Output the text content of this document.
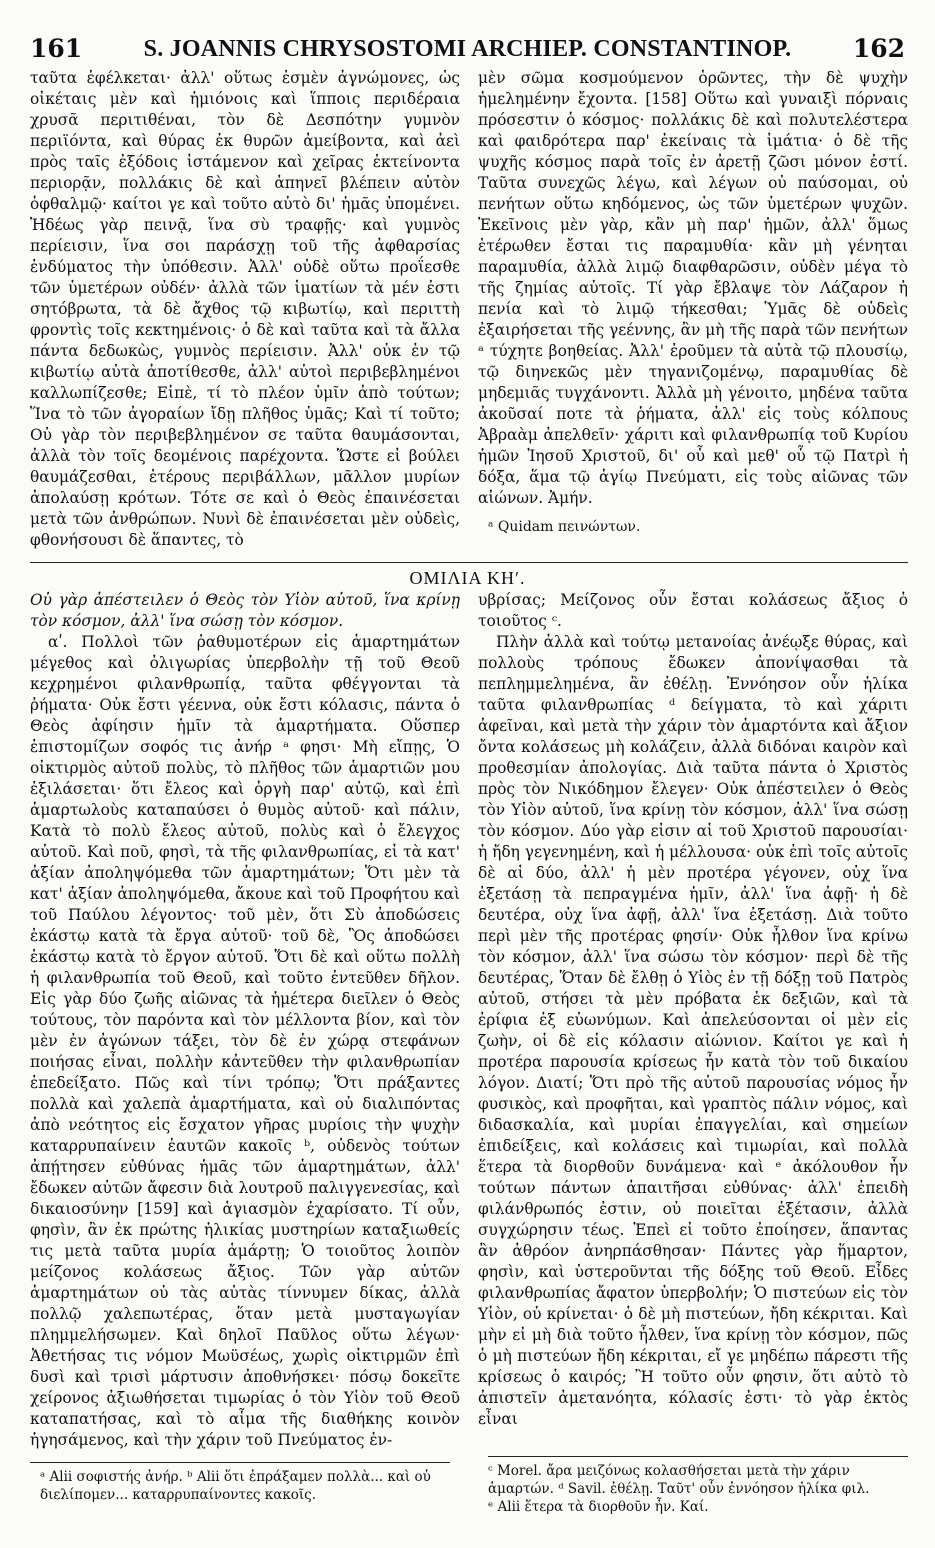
161	S. JOANNIS CHRYSOSTOMI ARCHIEP. CONSTANTINOP.	162

ταῦτα ἐφέλκεται· ἀλλ' οὕτως ἐσμὲν ἀγνώμονες, ὡς οἰκέταις μὲν καὶ ἡμιόνοις καὶ ἵπποις περιδέραια χρυσᾶ περιτιθέναι, τὸν δὲ Δεσπότην γυμνὸν περιϊόντα, καὶ θύρας ἐκ θυρῶν ἀμείβοντα, καὶ ἀεὶ πρὸς ταῖς ἐξόδοις ἱστάμενον καὶ χεῖρας ἐκτείνοντα περιορᾷν, πολλάκις δὲ καὶ ἀπηνεῖ βλέπειν αὐτὸν ὀφθαλμῷ· καίτοι γε καὶ τοῦτο αὐτὸ δι' ἡμᾶς ὑπομένει. Ἡδέως γὰρ πεινᾷ, ἵνα σὺ τραφῇς· καὶ γυμνὸς περίεισιν, ἵνα σοι παράσχῃ τοῦ τῆς ἀφθαρσίας ἐνδύματος τὴν ὑπόθεσιν. Ἀλλ' οὐδὲ οὕτω προΐεσθε τῶν ὑμετέρων οὐδέν· ἀλλὰ τῶν ἱματίων τὰ μέν ἐστι σητόβρωτα, τὰ δὲ ἄχθος τῷ κιβωτίῳ, καὶ περιττὴ φροντὶς τοῖς κεκτημένοις· ὁ δὲ καὶ ταῦτα καὶ τὰ ἄλλα πάντα δεδωκὼς, γυμνὸς περίεισιν. Ἀλλ' οὐκ ἐν τῷ κιβωτίῳ αὐτὰ ἀποτίθεσθε, ἀλλ' αὐτοὶ περιβεβλημένοι καλλωπίζεσθε; Εἰπὲ, τί τὸ πλέον ὑμῖν ἀπὸ τούτων; Ἵνα τὸ τῶν ἀγοραίων ἴδῃ πλῆθος ὑμᾶς; Καὶ τί τοῦτο; Οὐ γὰρ τὸν περιβεβλημένον σε ταῦτα θαυμάσονται, ἀλλὰ τὸν τοῖς δεομένοις παρέχοντα. Ὥστε εἰ βούλει θαυμάζεσθαι, ἑτέρους περιβάλλων, μᾶλλον μυρίων ἀπολαύσῃ κρότων. Τότε σε καὶ ὁ Θεὸς ἐπαινέσεται μετὰ τῶν ἀνθρώπων. Νυνὶ δὲ ἐπαινέσεται μὲν οὐδεὶς, φθονήσουσι δὲ ἅπαντες, τὸ

μὲν σῶμα κοσμούμενον ὁρῶντες, τὴν δὲ ψυχὴν ἠμελημένην ἔχοντα. [158] Οὕτω καὶ γυναιξὶ πόρναις πρόσεστιν ὁ κόσμος· πολλάκις δὲ καὶ πολυτελέστερα καὶ φαιδρότερα παρ' ἐκείναις τὰ ἱμάτια· ὁ δὲ τῆς ψυχῆς κόσμος παρὰ τοῖς ἐν ἀρετῇ ζῶσι μόνον ἐστί. Ταῦτα συνεχῶς λέγω, καὶ λέγων οὐ παύσομαι, οὐ πενήτων οὕτω κηδόμενος, ὡς τῶν ὑμετέρων ψυχῶν. Ἐκεῖνοις μὲν γὰρ, κἂν μὴ παρ' ἡμῶν, ἀλλ' ὅμως ἑτέρωθεν ἔσται τις παραμυθία· κἂν μὴ γένηται παραμυθία, ἀλλὰ λιμῷ διαφθαρῶσιν, οὐδὲν μέγα τὸ τῆς ζημίας αὐτοῖς. Τί γὰρ ἔβλαψε τὸν Λάζαρον ἡ πενία καὶ τὸ λιμῷ τήκεσθαι; Ὑμᾶς δὲ οὐδεὶς ἐξαιρήσεται τῆς γεέννης, ἂν μὴ τῆς παρὰ τῶν πενήτων ᵃ τύχητε βοηθείας. Ἀλλ' ἐρoῦμεν τὰ αὐτὰ τῷ πλουσίῳ, τῷ διηνεκῶς μὲν τηγανιζομένῳ, παραμυθίας δὲ μηδεμιᾶς τυγχάνοντι. Ἀλλὰ μὴ γένοιτο, μηδένα ταῦτα ἀκοῦσαί ποτε τὰ ῥήματα, ἀλλ' εἰς τοὺς κόλπους Ἀβραὰμ ἀπελθεῖν· χάριτι καὶ φιλανθρωπίᾳ τοῦ Κυρίου ἡμῶν Ἰησοῦ Χριστοῦ, δι' οὗ καὶ μεθ' οὗ τῷ Πατρὶ ἡ δόξα, ἅμα τῷ ἁγίῳ Πνεύματι, εἰς τοὺς αἰῶνας τῶν αἰώνων. Ἀμήν.

ᵃ Quidam πεινώντων.
ΟΜΙΛΙΑ ΚΗʹ.

Οὐ γὰρ ἀπέστειλεν ὁ Θεὸς τὸν Υἱὸν αὐτοῦ, ἵνα κρίνῃ τὸν κόσμον, ἀλλ' ἵνα σώσῃ τὸν κόσμον.

αʹ. Πολλοὶ τῶν ῥαθυμοτέρων εἰς ἁμαρτημάτων μέγεθος καὶ ὀλιγωρίας ὑπερβολὴν τῇ τοῦ Θεοῦ κεχρημένοι φιλανθρωπίᾳ, ταῦτα φθέγγονται τὰ ῥήματα· Οὐκ ἔστι γέεννα, οὐκ ἔστι κόλασις, πάντα ὁ Θεὸς ἀφίησιν ἡμῖν τὰ ἁμαρτήματα. Οὕσπερ ἐπιστομίζων σοφός τις ἀνήρ ᵃ φησι· Μὴ εἴπῃς, Ὁ οἰκτιρμὸς αὐτοῦ πολὺς, τὸ πλῆθος τῶν ἁμαρτιῶν μου ἐξιλάσεται· ὅτι ἔλεος καὶ ὀργὴ παρ' αὐτῷ, καὶ ἐπὶ ἁμαρτωλοὺς καταπαύσει ὁ θυμὸς αὐτοῦ· καὶ πάλιν, Κατὰ τὸ πολὺ ἔλεος αὐτοῦ, πολὺς καὶ ὁ ἔλεγχος αὐτοῦ. Καὶ ποῦ, φησὶ, τὰ τῆς φιλανθρωπίας, εἰ τὰ κατ' ἀξίαν ἀποληψόμεθα τῶν ἁμαρτημάτων; Ὅτι μὲν τὰ κατ' ἀξίαν ἀποληψόμεθα, ἄκουε καὶ τοῦ Προφήτου καὶ τοῦ Παύλου λέγοντος· τοῦ μὲν, ὅτι Σὺ ἀποδώσεις ἑκάστῳ κατὰ τὰ ἔργα αὐτοῦ· τοῦ δὲ, Ὃς ἀποδώσει ἑκάστῳ κατὰ τὸ ἔργον αὐτοῦ. Ὅτι δὲ καὶ οὕτω πολλὴ ἡ φιλανθρωπία τοῦ Θεοῦ, καὶ τοῦτο ἐντεῦθεν δῆλον. Εἰς γὰρ δύο ζωῆς αἰῶνας τὰ ἡμέτερα διεῖλεν ὁ Θεὸς τούτους, τὸν παρόντα καὶ τὸν μέλλοντα βίον, καὶ τὸν μὲν ἐν ἀγώνων τάξει, τὸν δὲ ἐν χώρᾳ στεφάνων ποιήσας εἶναι, πολλὴν κἀντεῦθεν τὴν φιλανθρωπίαν ἐπεδείξατο. Πῶς καὶ τίνι τρόπῳ; Ὅτι πράξαντες πολλὰ καὶ χαλεπὰ ἁμαρτήματα, καὶ οὐ διαλιπόντας ἀπὸ νεότητος εἰς ἔσχατον γῆρας μυρίοις τὴν ψυχὴν καταρρυπαίνειν ἑαυτῶν κακοῖς ᵇ, οὐδενὸς τούτων ἀπῄτησεν εὐθύνας ἡμᾶς τῶν ἁμαρτημάτων, ἀλλ' ἔδωκεν αὐτῶν ἄφεσιν διὰ λουτροῦ παλιγγενεσίας, καὶ δικαιοσύνην [159] καὶ ἁγιασμὸν ἐχαρίσατο. Τί οὖν, φησὶν, ἂν ἐκ πρώτης ἡλικίας μυστηρίων καταξιωθείς τις μετὰ ταῦτα μυρία ἁμάρτῃ; Ὁ τοιοῦτος λοιπὸν μείζονος κολάσεως ἄξιος. Τῶν γὰρ αὐτῶν ἁμαρτημάτων οὐ τὰς αὐτὰς τίννυμεν δίκας, ἀλλὰ πολλῷ χαλεπωτέρας, ὅταν μετὰ μυσταγωγίαν πλημμελήσωμεν. Καὶ δηλοῖ Παῦλος οὕτω λέγων· Ἀθετήσας τις νόμον Μωϋσέως, χωρὶς οἰκτιρμῶν ἐπὶ δυσὶ καὶ τρισὶ μάρτυσιν ἀποθνήσκει· πόσῳ δοκεῖτε χείρονος ἀξιωθήσεται τιμωρίας ὁ τὸν Υἱὸν τοῦ Θεοῦ καταπατήσας, καὶ τὸ αἷμα τῆς διαθήκης κοινὸν ἡγησάμενος, καὶ τὴν χάριν τοῦ Πνεύματος ἐν-

υβρίσας; Μείζονος οὖν ἔσται κολάσεως ἄξιος ὁ τοιοῦτος ᶜ.

Πλὴν ἀλλὰ καὶ τούτῳ μετανοίας ἀνέῳξε θύρας, καὶ πολλοὺς τρόπους ἔδωκεν ἀπονίψασθαι τὰ πεπλημμελημένα, ἂν ἐθέλῃ. Ἐννόησον οὖν ἡλίκα ταῦτα φιλανθρωπίας ᵈ δείγματα, τὸ καὶ χάριτι ἀφεῖναι, καὶ μετὰ τὴν χάριν τὸν ἁμαρτόντα καὶ ἄξιον ὄντα κολάσεως μὴ κολάζειν, ἀλλὰ διδόναι καιρὸν καὶ προθεσμίαν ἀπολογίας. Διὰ ταῦτα πάντα ὁ Χριστὸς πρὸς τὸν Νικόδημον ἔλεγεν· Οὐκ ἀπέστειλεν ὁ Θεὸς τὸν Υἱὸν αὐτοῦ, ἵνα κρίνῃ τὸν κόσμον, ἀλλ' ἵνα σώσῃ τὸν κόσμον. Δύο γὰρ εἰσιν αἱ τοῦ Χριστοῦ παρουσίαι· ἡ ἤδη γεγενημένη, καὶ ἡ μέλλουσα· οὐκ ἐπὶ τοῖς αὐτοῖς δὲ αἱ δύο, ἀλλ' ἡ μὲν προτέρα γέγονεν, οὐχ ἵνα ἐξετάσῃ τὰ πεπραγμένα ἡμῖν, ἀλλ' ἵνα ἀφῇ· ἡ δὲ δευτέρα, οὐχ ἵνα ἀφῇ, ἀλλ' ἵνα ἐξετάσῃ. Διὰ τοῦτο περὶ μὲν τῆς προτέρας φησίν· Οὐκ ἦλθον ἵνα κρίνω τὸν κόσμον, ἀλλ' ἵνα σώσω τὸν κόσμον· περὶ δὲ τῆς δευτέρας, Ὅταν δὲ ἔλθῃ ὁ Υἱὸς ἐν τῇ δόξῃ τοῦ Πατρὸς αὐτοῦ, στήσει τὰ μὲν πρόβατα ἐκ δεξιῶν, καὶ τὰ ἐρίφια ἐξ εὐωνύμων. Καὶ ἀπελεύσονται οἱ μὲν εἰς ζωὴν, οἱ δὲ εἰς κόλασιν αἰώνιον. Καίτοι γε καὶ ἡ προτέρα παρουσία κρίσεως ἦν κατὰ τὸν τοῦ δικαίου λόγον. Διατί; Ὅτι πρὸ τῆς αὐτοῦ παρουσίας νόμος ἦν φυσικὸς, καὶ προφῆται, καὶ γραπτὸς πάλιν νόμος, καὶ διδασκαλία, καὶ μυρίαι ἐπαγγελίαι, καὶ σημείων ἐπιδείξεις, καὶ κολάσεις καὶ τιμωρίαι, καὶ πολλὰ ἕτερα τὰ διορθοῦν δυνάμενα· καὶ ᵉ ἀκόλουθον ἦν τούτων πάντων ἀπαιτῆσαι εὐθύνας· ἀλλ' ἐπειδὴ φιλάνθρωπός ἐστιν, οὐ ποιεῖται ἐξέτασιν, ἀλλὰ συγχώρησιν τέως. Ἐπεὶ εἰ τοῦτο ἐποίησεν, ἅπαντας ἂν ἀθρόον ἀνηρπάσθησαν· Πάντες γὰρ ἥμαρτον, φησὶν, καὶ ὑστεροῦνται τῆς δόξης τοῦ Θεοῦ. Εἶδες φιλανθρωπίας ἄφατον ὑπερβολήν; Ὁ πιστεύων εἰς τὸν Υἱὸν, οὐ κρίνεται· ὁ δὲ μὴ πιστεύων, ἤδη κέκριται. Καὶ μὴν εἰ μὴ διὰ τοῦτο ἦλθεν, ἵνα κρίνῃ τὸν κόσμον, πῶς ὁ μὴ πιστεύων ἤδη κέκριται, εἴ γε μηδέπω πάρεστι τῆς κρίσεως ὁ καιρός; Ἢ τοῦτο οὖν φησιν, ὅτι αὐτὸ τὸ ἀπιστεῖν ἀμετανόητα, κόλασίς ἐστι· τὸ γὰρ ἐκτὸς εἶναι

ᵃ Alii σοφιστής ἀνήρ. ᵇ Alii ὅτι ἐπράξαμεν πολλὰ... καὶ οὐ διελίπομεν... καταρρυπαίνοντες κακοῖς.

ᶜ Morel. ἄρα μειζόνως κολασθήσεται μετὰ τὴν χάριν ἁμαρτών. ᵈ Savil. ἐθέλῃ. Ταῦτ' οὖν ἐννόησον ἡλίκα φιλ.

ᵉ Alii ἕτερα τὰ διορθοῦν ἦν. Καί.
